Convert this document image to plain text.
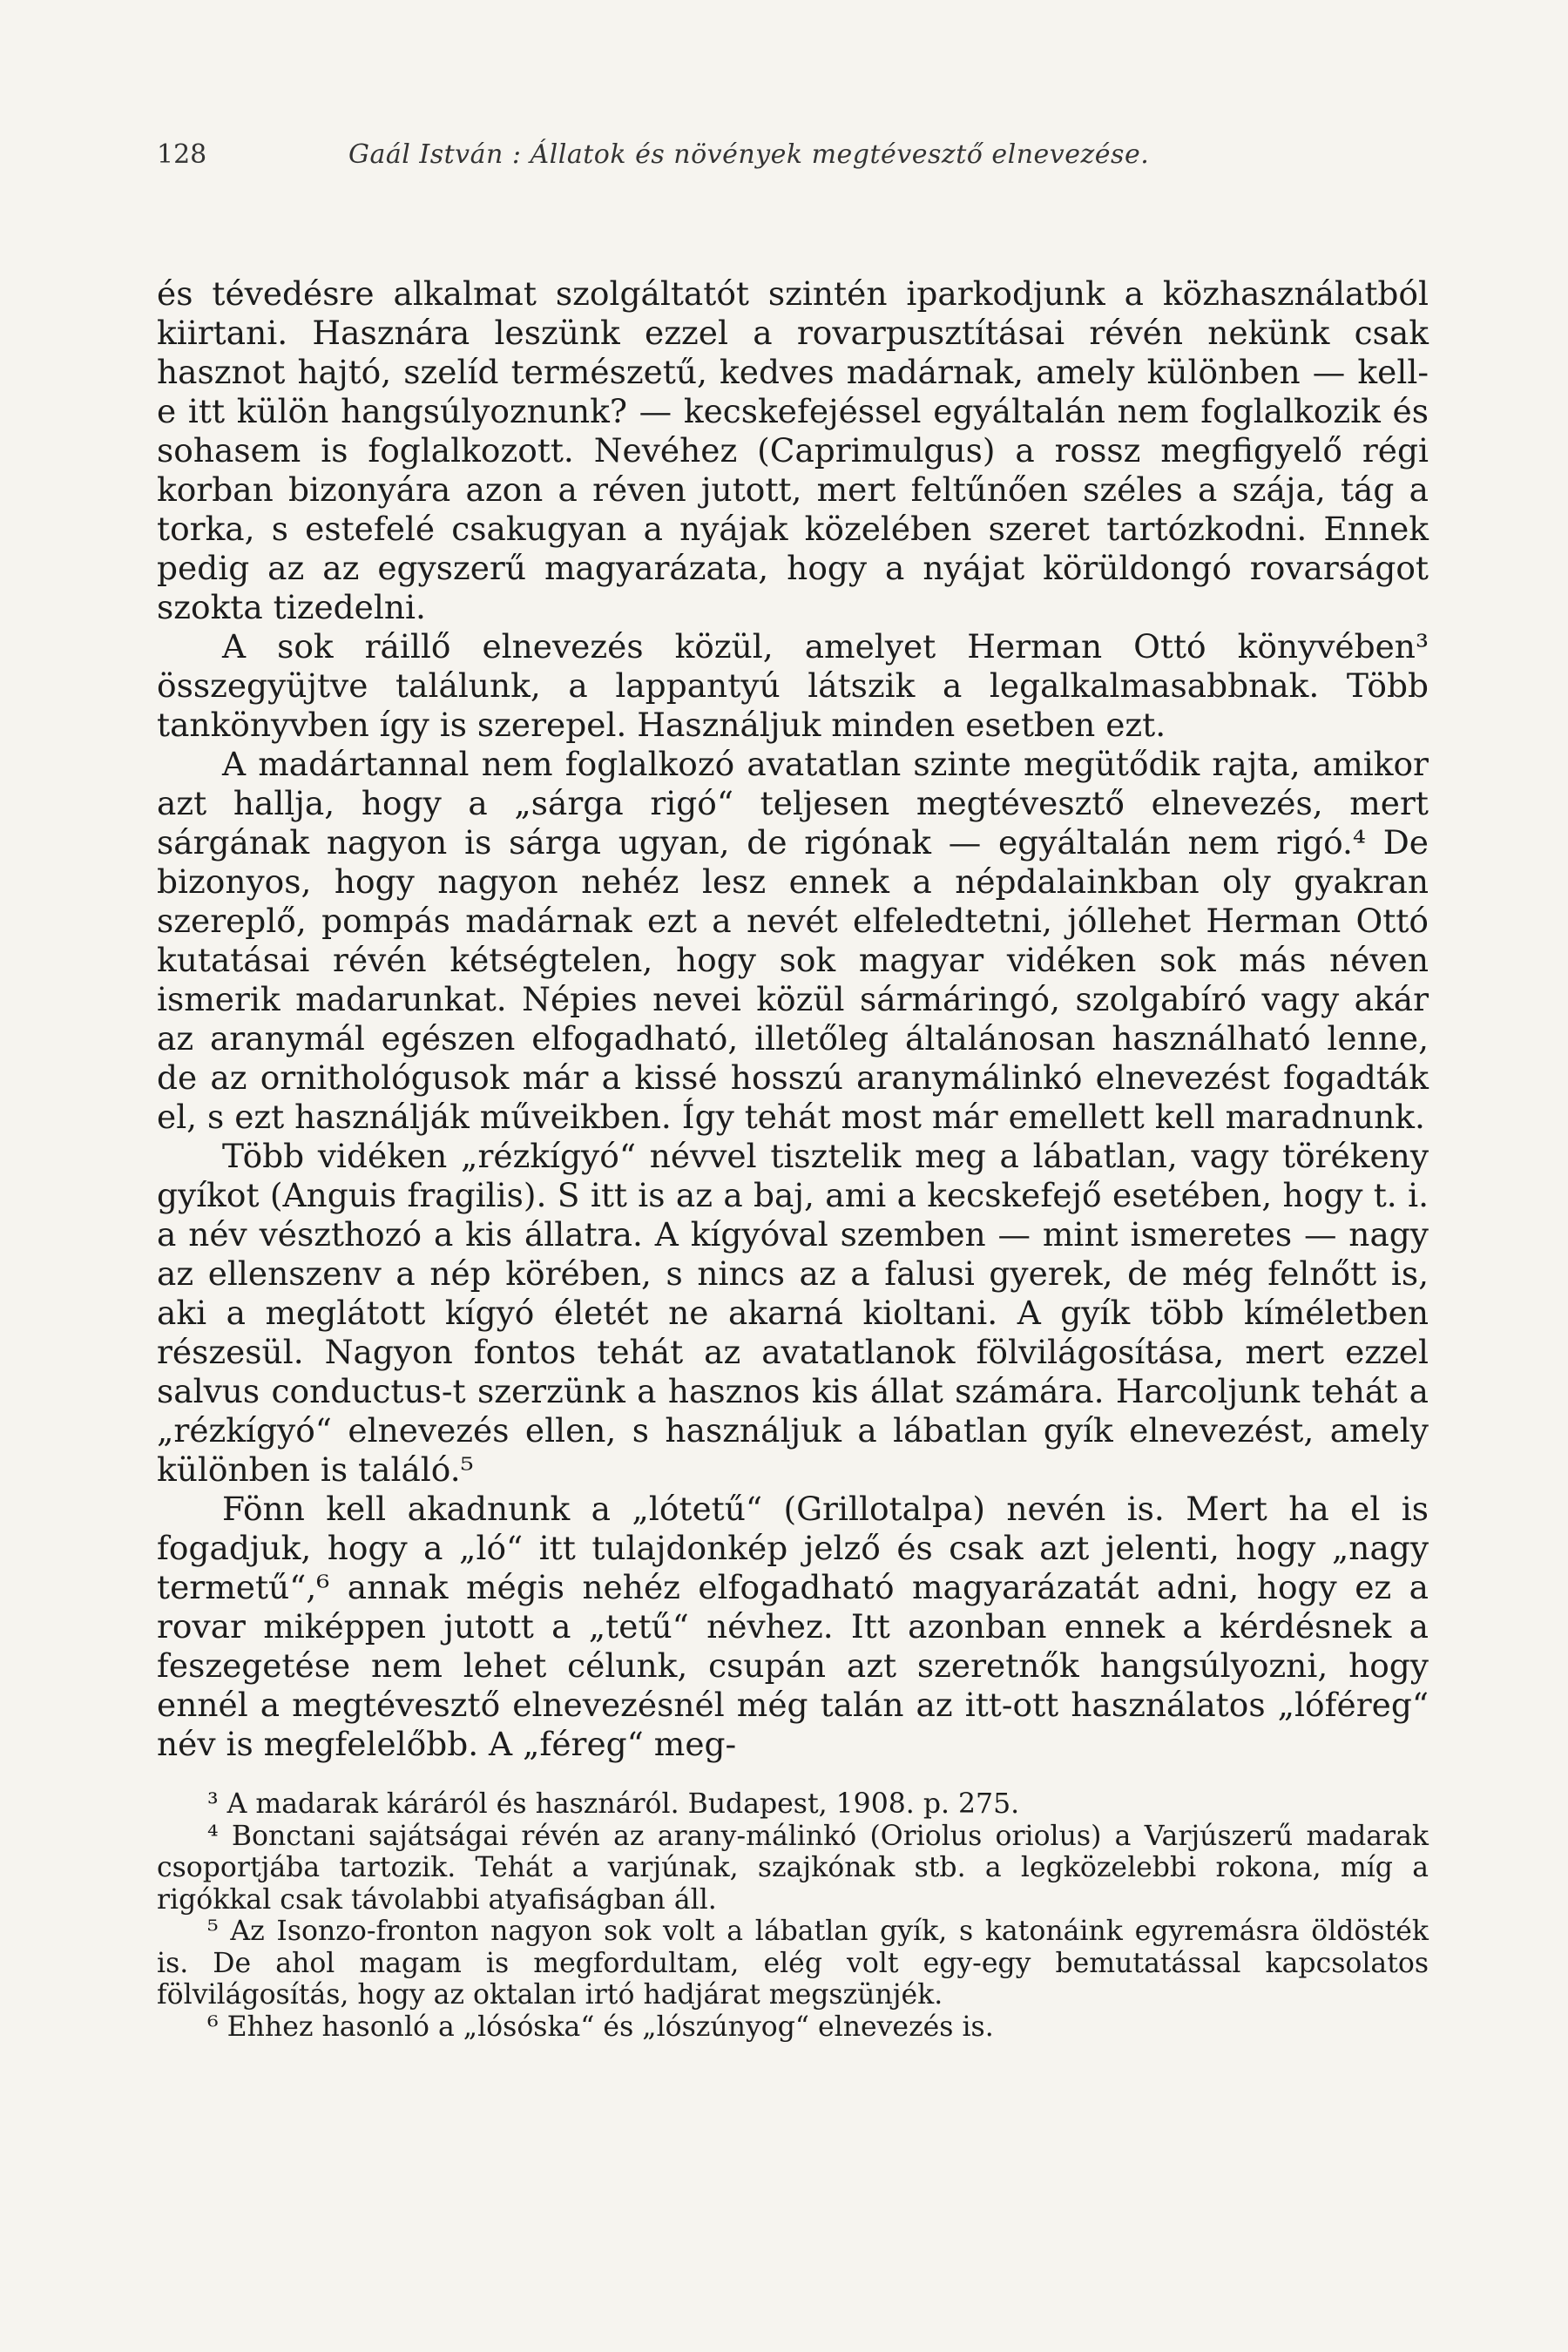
128	Gaál István : Állatok és növények megtévesztő elnevezése.

és tévedésre alkalmat szolgáltatót szintén iparkodjunk a közhasználatból kiirtani. Hasznára leszünk ezzel a rovarpusztításai révén nekünk csak hasznot hajtó, szelíd természetű, kedves madárnak, amely különben — kell-e itt külön hangsúlyoznunk? — kecskefejéssel egyáltalán nem foglalkozik és sohasem is foglalkozott. Nevéhez (Caprimulgus) a rossz megfigyelő régi korban bizonyára azon a réven jutott, mert feltűnően széles a szája, tág a torka, s estefelé csakugyan a nyájak közelében szeret tartózkodni. Ennek pedig az az egyszerű magyarázata, hogy a nyájat körüldongó rovarságot szokta tizedelni.

A sok ráillő elnevezés közül, amelyet Herman Ottó könyvében³ összegyüjtve találunk, a lappantyú látszik a legalkalmasabbnak. Több tankönyvben így is szerepel. Használjuk minden esetben ezt.

A madártannal nem foglalkozó avatatlan szinte megütődik rajta, amikor azt hallja, hogy a „sárga rigó“ teljesen megtévesztő elnevezés, mert sárgának nagyon is sárga ugyan, de rigónak — egyáltalán nem rigó.⁴ De bizonyos, hogy nagyon nehéz lesz ennek a népdalainkban oly gyakran szereplő, pompás madárnak ezt a nevét elfeledtetni, jóllehet Herman Ottó kutatásai révén kétségtelen, hogy sok magyar vidéken sok más néven ismerik madarunkat. Népies nevei közül sármáringó, szolgabíró vagy akár az aranymál egészen elfogadható, illetőleg általánosan használható lenne, de az ornithológusok már a kissé hosszú aranymálinkó elnevezést fogadták el, s ezt használják műveikben. Így tehát most már emellett kell maradnunk.

Több vidéken „rézkígyó“ névvel tisztelik meg a lábatlan, vagy törékeny gyíkot (Anguis fragilis). S itt is az a baj, ami a kecskefejő esetében, hogy t. i. a név vészthozó a kis állatra. A kígyóval szemben — mint ismeretes — nagy az ellenszenv a nép körében, s nincs az a falusi gyerek, de még felnőtt is, aki a meglátott kígyó életét ne akarná kioltani. A gyík több kíméletben részesül. Nagyon fontos tehát az avatatlanok fölvilágosítása, mert ezzel salvus conductus-t szerzünk a hasznos kis állat számára. Harcoljunk tehát a „rézkígyó“ elnevezés ellen, s használjuk a lábatlan gyík elnevezést, amely különben is találó.⁵

Fönn kell akadnunk a „lótetű“ (Grillotalpa) nevén is. Mert ha el is fogadjuk, hogy a „ló“ itt tulajdonkép jelző és csak azt jelenti, hogy „nagy termetű“,⁶ annak mégis nehéz elfogadható magyarázatát adni, hogy ez a rovar miképpen jutott a „tetű“ névhez. Itt azonban ennek a kérdésnek a feszegetése nem lehet célunk, csupán azt szeretnők hangsúlyozni, hogy ennél a megtévesztő elnevezésnél még talán az itt-ott használatos „lóféreg“ név is megfelelőbb. A „féreg“ meg-

³ A madarak káráról és hasznáról. Budapest, 1908. p. 275.

⁴ Bonctani sajátságai révén az arany-málinkó (Oriolus oriolus) a Varjúszerű madarak csoportjába tartozik. Tehát a varjúnak, szajkónak stb. a legközelebbi rokona, míg a rigókkal csak távolabbi atyafiságban áll.

⁵ Az Isonzo-fronton nagyon sok volt a lábatlan gyík, s katonáink egyremásra öldösték is. De ahol magam is megfordultam, elég volt egy-egy bemutatással kapcsolatos fölvilágosítás, hogy az oktalan irtó hadjárat megszünjék.

⁶ Ehhez hasonló a „lósóska“ és „lószúnyog“ elnevezés is.
